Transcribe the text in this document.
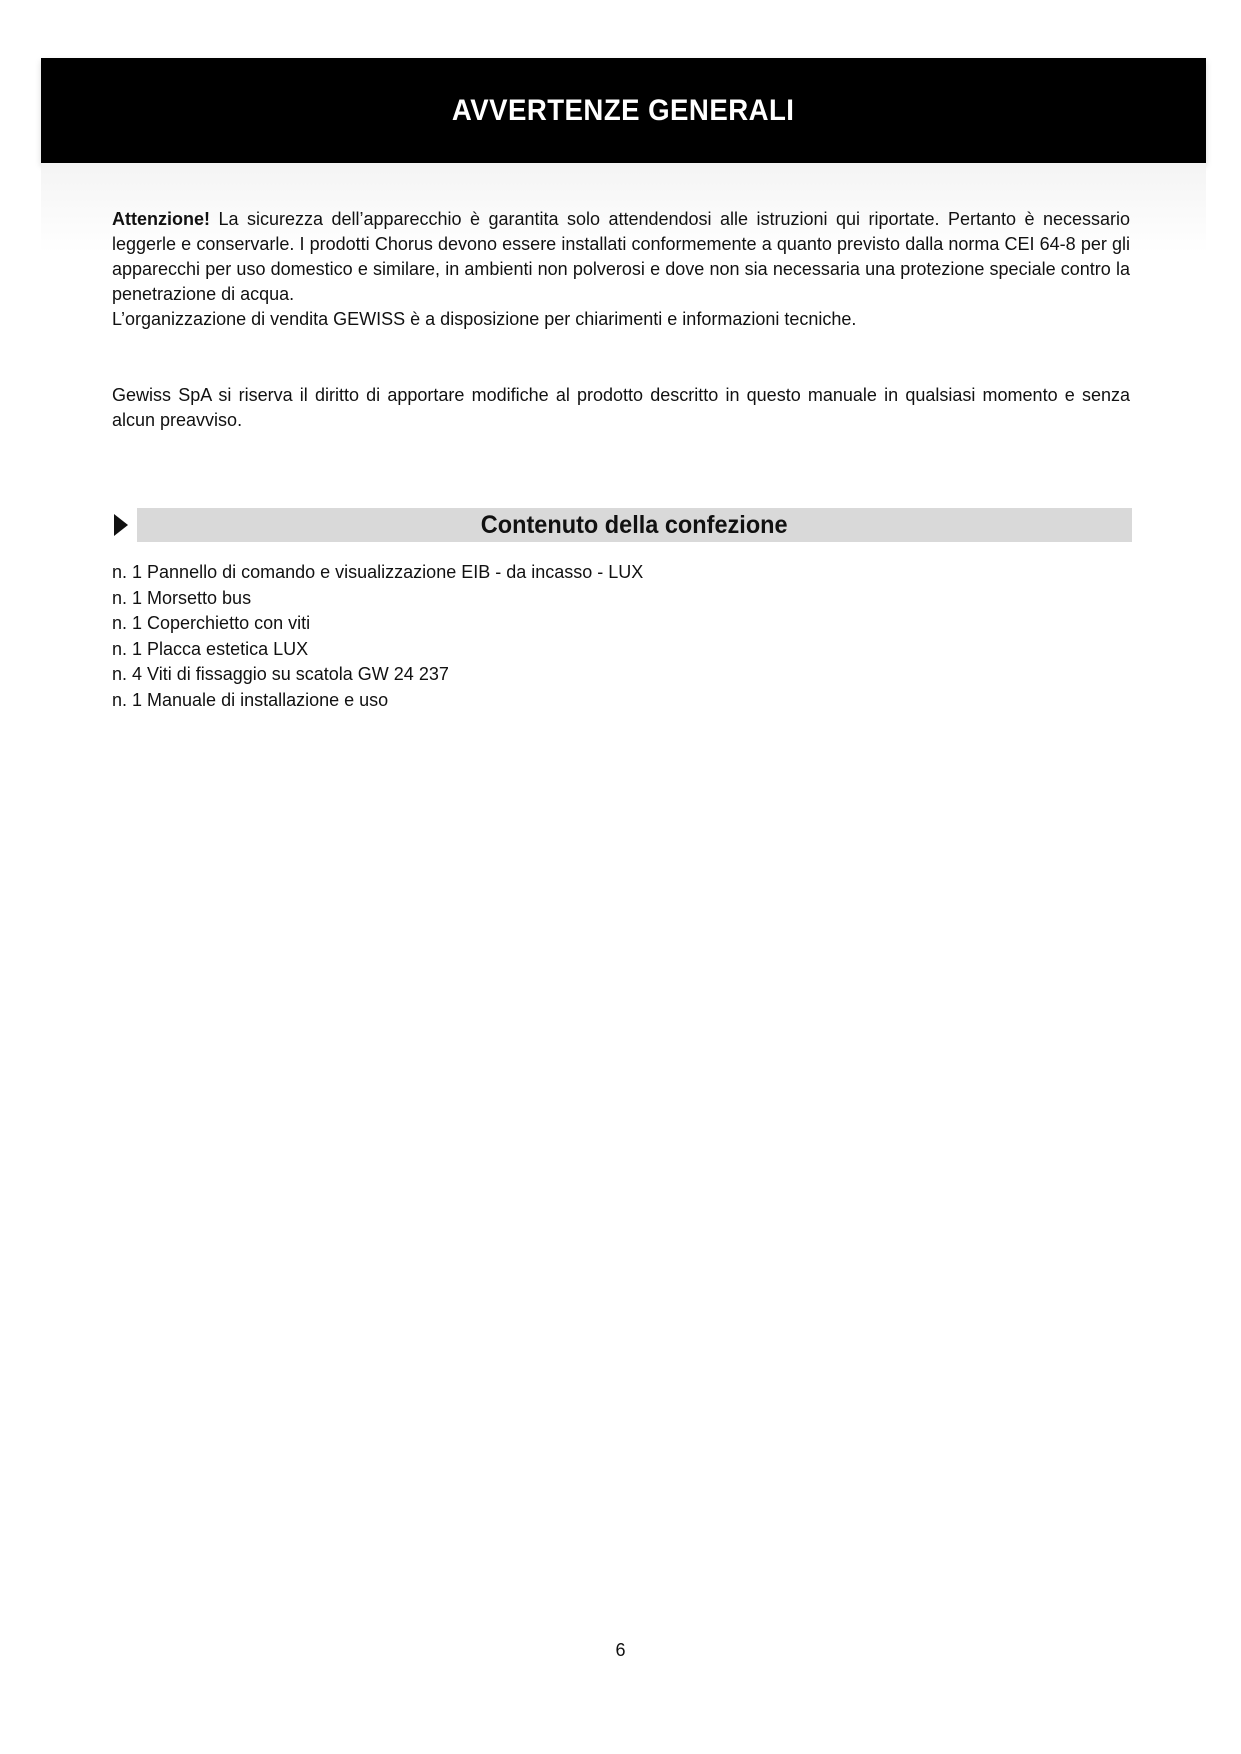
AVVERTENZE GENERALI

Attenzione! La sicurezza dell’apparecchio è garantita solo attendendosi alle istruzioni qui riportate. Pertanto è necessario leggerle e conservarle. I prodotti Chorus devono essere installati conformemente a quanto previsto dalla norma CEI 64-8 per gli apparecchi per uso domestico e similare, in ambienti non polverosi e dove non sia necessaria una protezione speciale contro la penetrazione di acqua.

L’organizzazione di vendita GEWISS è a disposizione per chiarimenti e informazioni tecniche.

Gewiss SpA si riserva il diritto di apportare modifiche al prodotto descritto in questo manuale in qualsiasi momento e senza alcun preavviso.

Contenuto della confezione
n. 1 Pannello di comando e visualizzazione EIB - da incasso - LUX
n. 1 Morsetto bus
n. 1 Coperchietto con viti
n. 1 Placca estetica LUX
n. 4 Viti di fissaggio su scatola GW 24 237
n. 1 Manuale di installazione e uso
6
